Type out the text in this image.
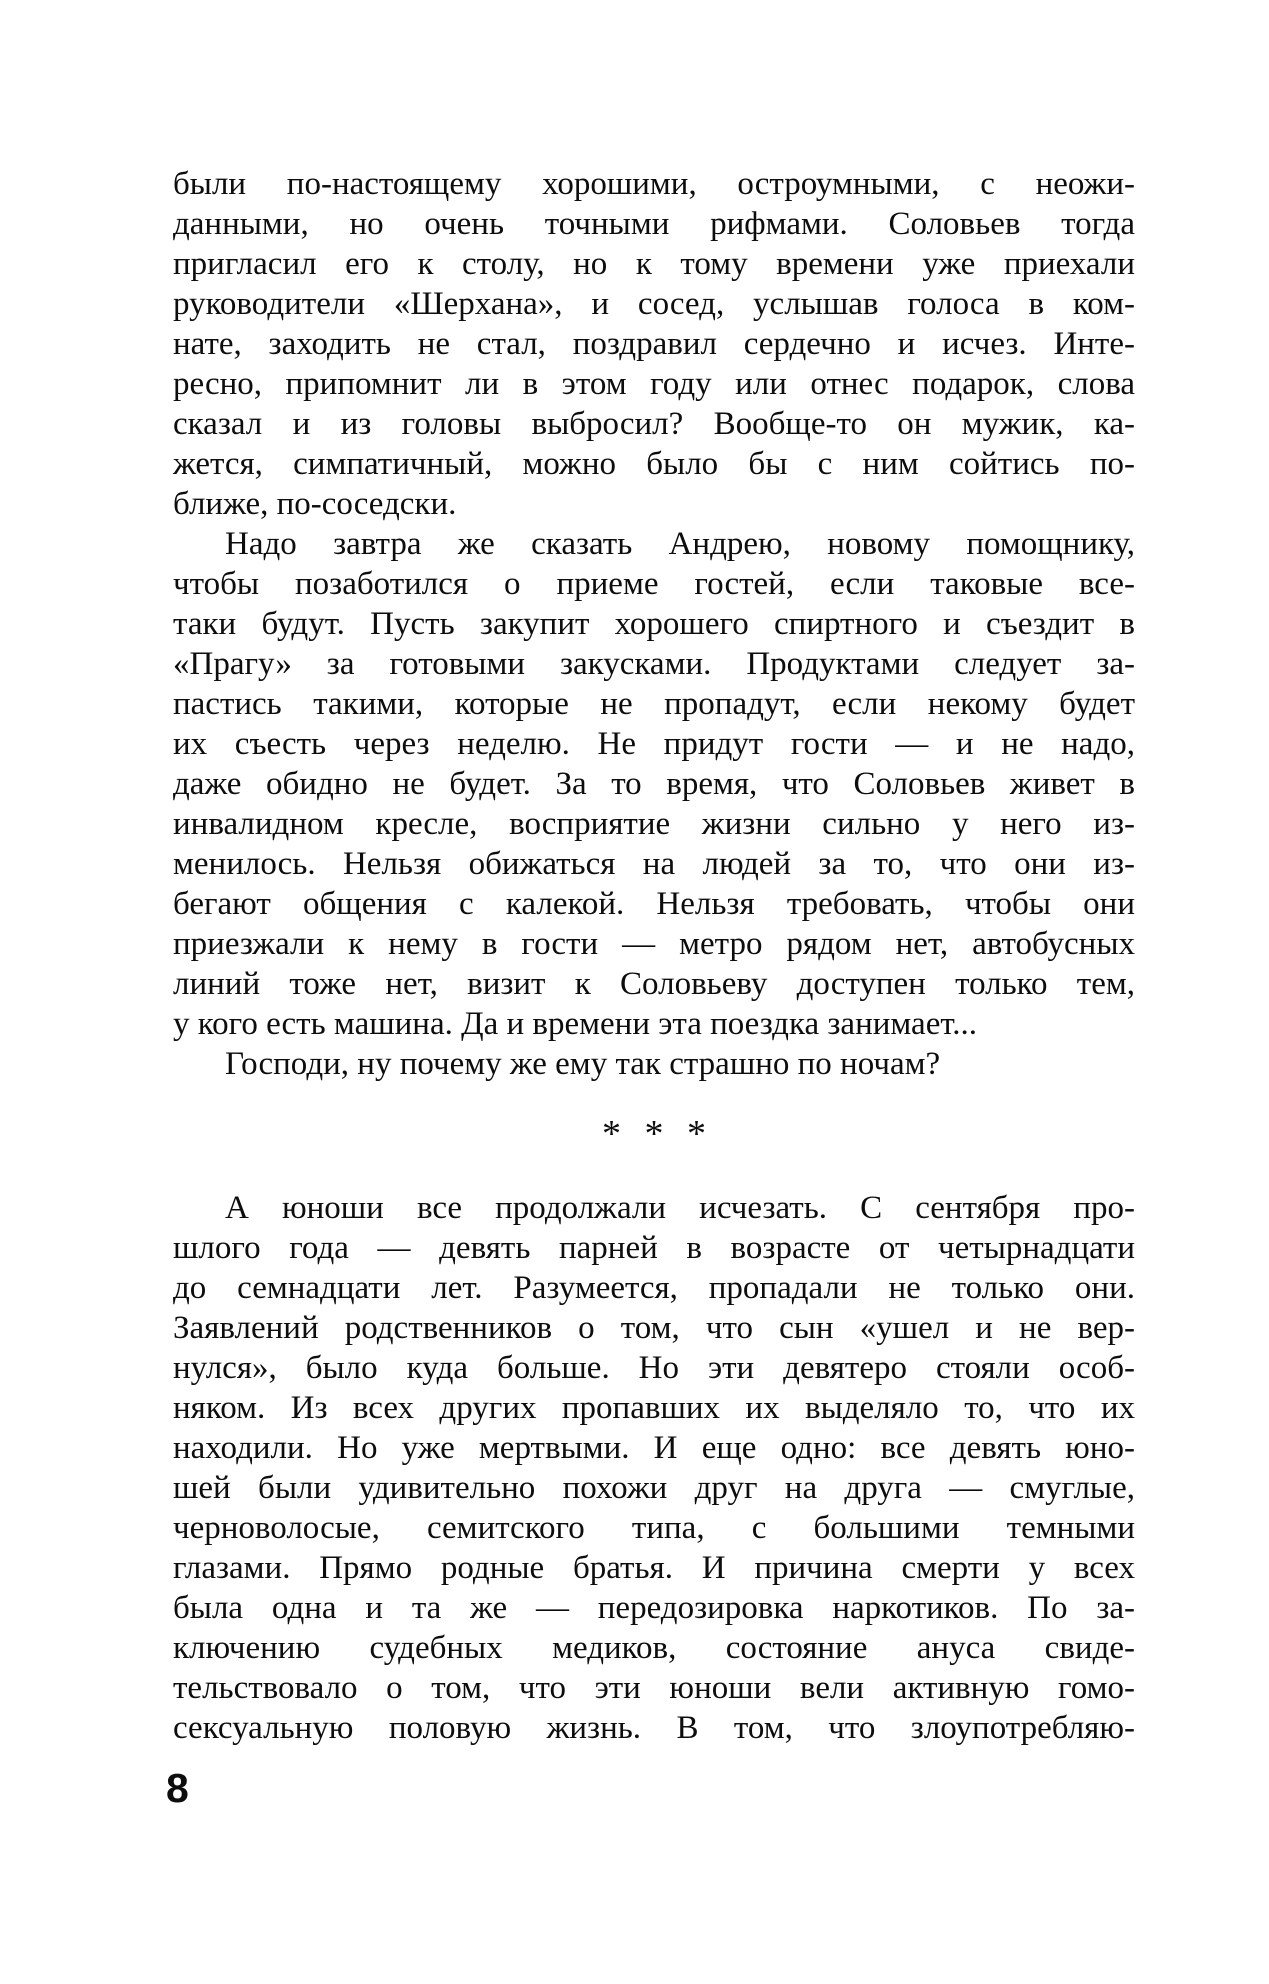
были по-настоящему хорошими, остроумными, с неожи-
данными, но очень точными рифмами. Соловьев тогда
пригласил его к столу, но к тому времени уже приехали
руководители «Шерхана», и сосед, услышав голоса в ком-
нате, заходить не стал, поздравил сердечно и исчез. Инте-
ресно, припомнит ли в этом году или отнес подарок, слова
сказал и из головы выбросил? Вообще-то он мужик, ка-
жется, симпатичный, можно было бы с ним сойтись по-
ближе, по-соседски.
Надо завтра же сказать Андрею, новому помощнику,
чтобы позаботился о приеме гостей, если таковые все-
таки будут. Пусть закупит хорошего спиртного и съездит в
«Прагу» за готовыми закусками. Продуктами следует за-
пастись такими, которые не пропадут, если некому будет
их съесть через неделю. Не придут гости — и не надо,
даже обидно не будет. За то время, что Соловьев живет в
инвалидном кресле, восприятие жизни сильно у него из-
менилось. Нельзя обижаться на людей за то, что они из-
бегают общения с калекой. Нельзя требовать, чтобы они
приезжали к нему в гости — метро рядом нет, автобусных
линий тоже нет, визит к Соловьеву доступен только тем,
у кого есть машина. Да и времени эта поездка занимает...
Господи, ну почему же ему так страшно по ночам?
* * *
А юноши все продолжали исчезать. С сентября про-
шлого года — девять парней в возрасте от четырнадцати
до семнадцати лет. Разумеется, пропадали не только они.
Заявлений родственников о том, что сын «ушел и не вер-
нулся», было куда больше. Но эти девятеро стояли особ-
няком. Из всех других пропавших их выделяло то, что их
находили. Но уже мертвыми. И еще одно: все девять юно-
шей были удивительно похожи друг на друга — смуглые,
черноволосые, семитского типа, с большими темными
глазами. Прямо родные братья. И причина смерти у всех
была одна и та же — передозировка наркотиков. По за-
ключению судебных медиков, состояние ануса свиде-
тельствовало о том, что эти юноши вели активную гомо-
сексуальную половую жизнь. В том, что злоупотребляю-
8
